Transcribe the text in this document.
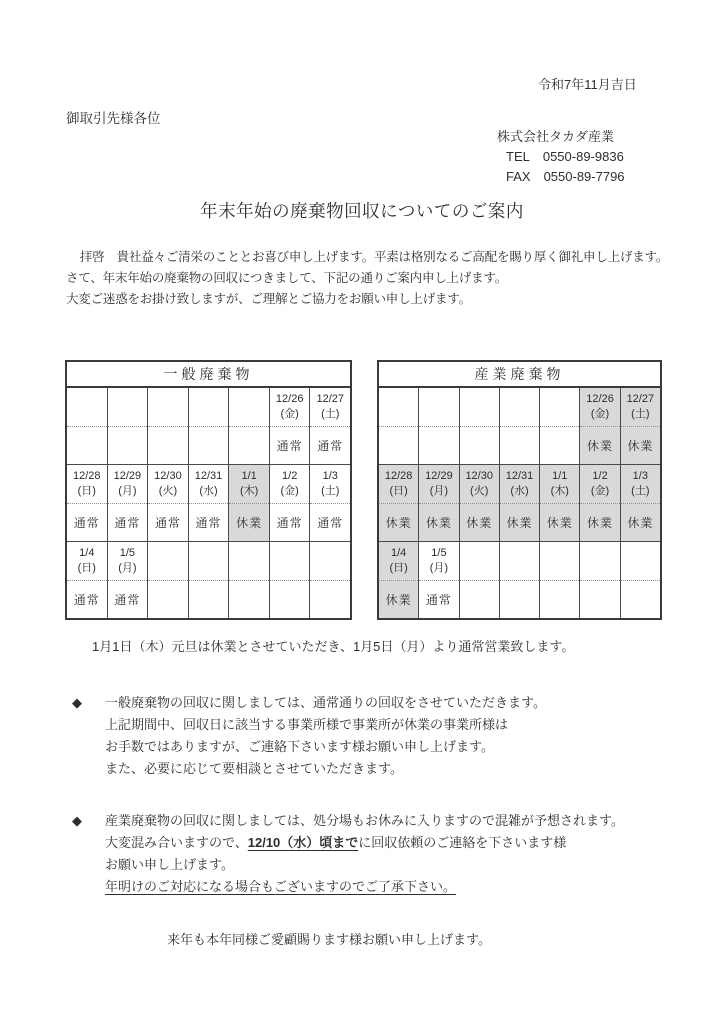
令和7年11月吉日
御取引先様各位
株式会社タカダ産業
TEL 0550-89-9836
FAX 0550-89-7796
年末年始の廃棄物回収についてのご案内
拝啓　貴社益々ご清栄のこととお喜び申し上げます。平素は格別なるご高配を賜り厚く御礼申し上げます。
さて、年末年始の廃棄物の回収につきまして、下記の通りご案内申し上げます。
大変ご迷惑をお掛け致しますが、ご理解とご協力をお願い申し上げます。
一般廃棄物
12/26
(金)
通常
12/27
(土)
通常
12/28
(日)
通常
12/29
(月)
通常
12/30
(火)
通常
12/31
(水)
通常
1/1
(木)
休業
1/2
(金)
通常
1/3
(土)
通常
1/4
(日)
通常
1/5
(月)
通常
産業廃棄物
12/26
(金)
休業
12/27
(土)
休業
12/28
(日)
休業
12/29
(月)
休業
12/30
(火)
休業
12/31
(水)
休業
1/1
(木)
休業
1/2
(金)
休業
1/3
(土)
休業
1/4
(日)
休業
1/5
(月)
通常
1月1日（木）元旦は休業とさせていただき、1月5日（月）より通常営業致します。
◆	一般廃棄物の回収に関しましては、通常通りの回収をさせていただきます。
上記期間中、回収日に該当する事業所様で事業所が休業の事業所様は
お手数ではありますが、ご連絡下さいます様お願い申し上げます。
また、必要に応じて要相談とさせていただきます。
◆	産業廃棄物の回収に関しましては、処分場もお休みに入りますので混雑が予想されます。
大変混み合いますので、12/10（水）頃までに回収依頼のご連絡を下さいます様
お願い申し上げます。
年明けのご対応になる場合もございますのでご了承下さい。
来年も本年同様ご愛顧賜ります様お願い申し上げます。
